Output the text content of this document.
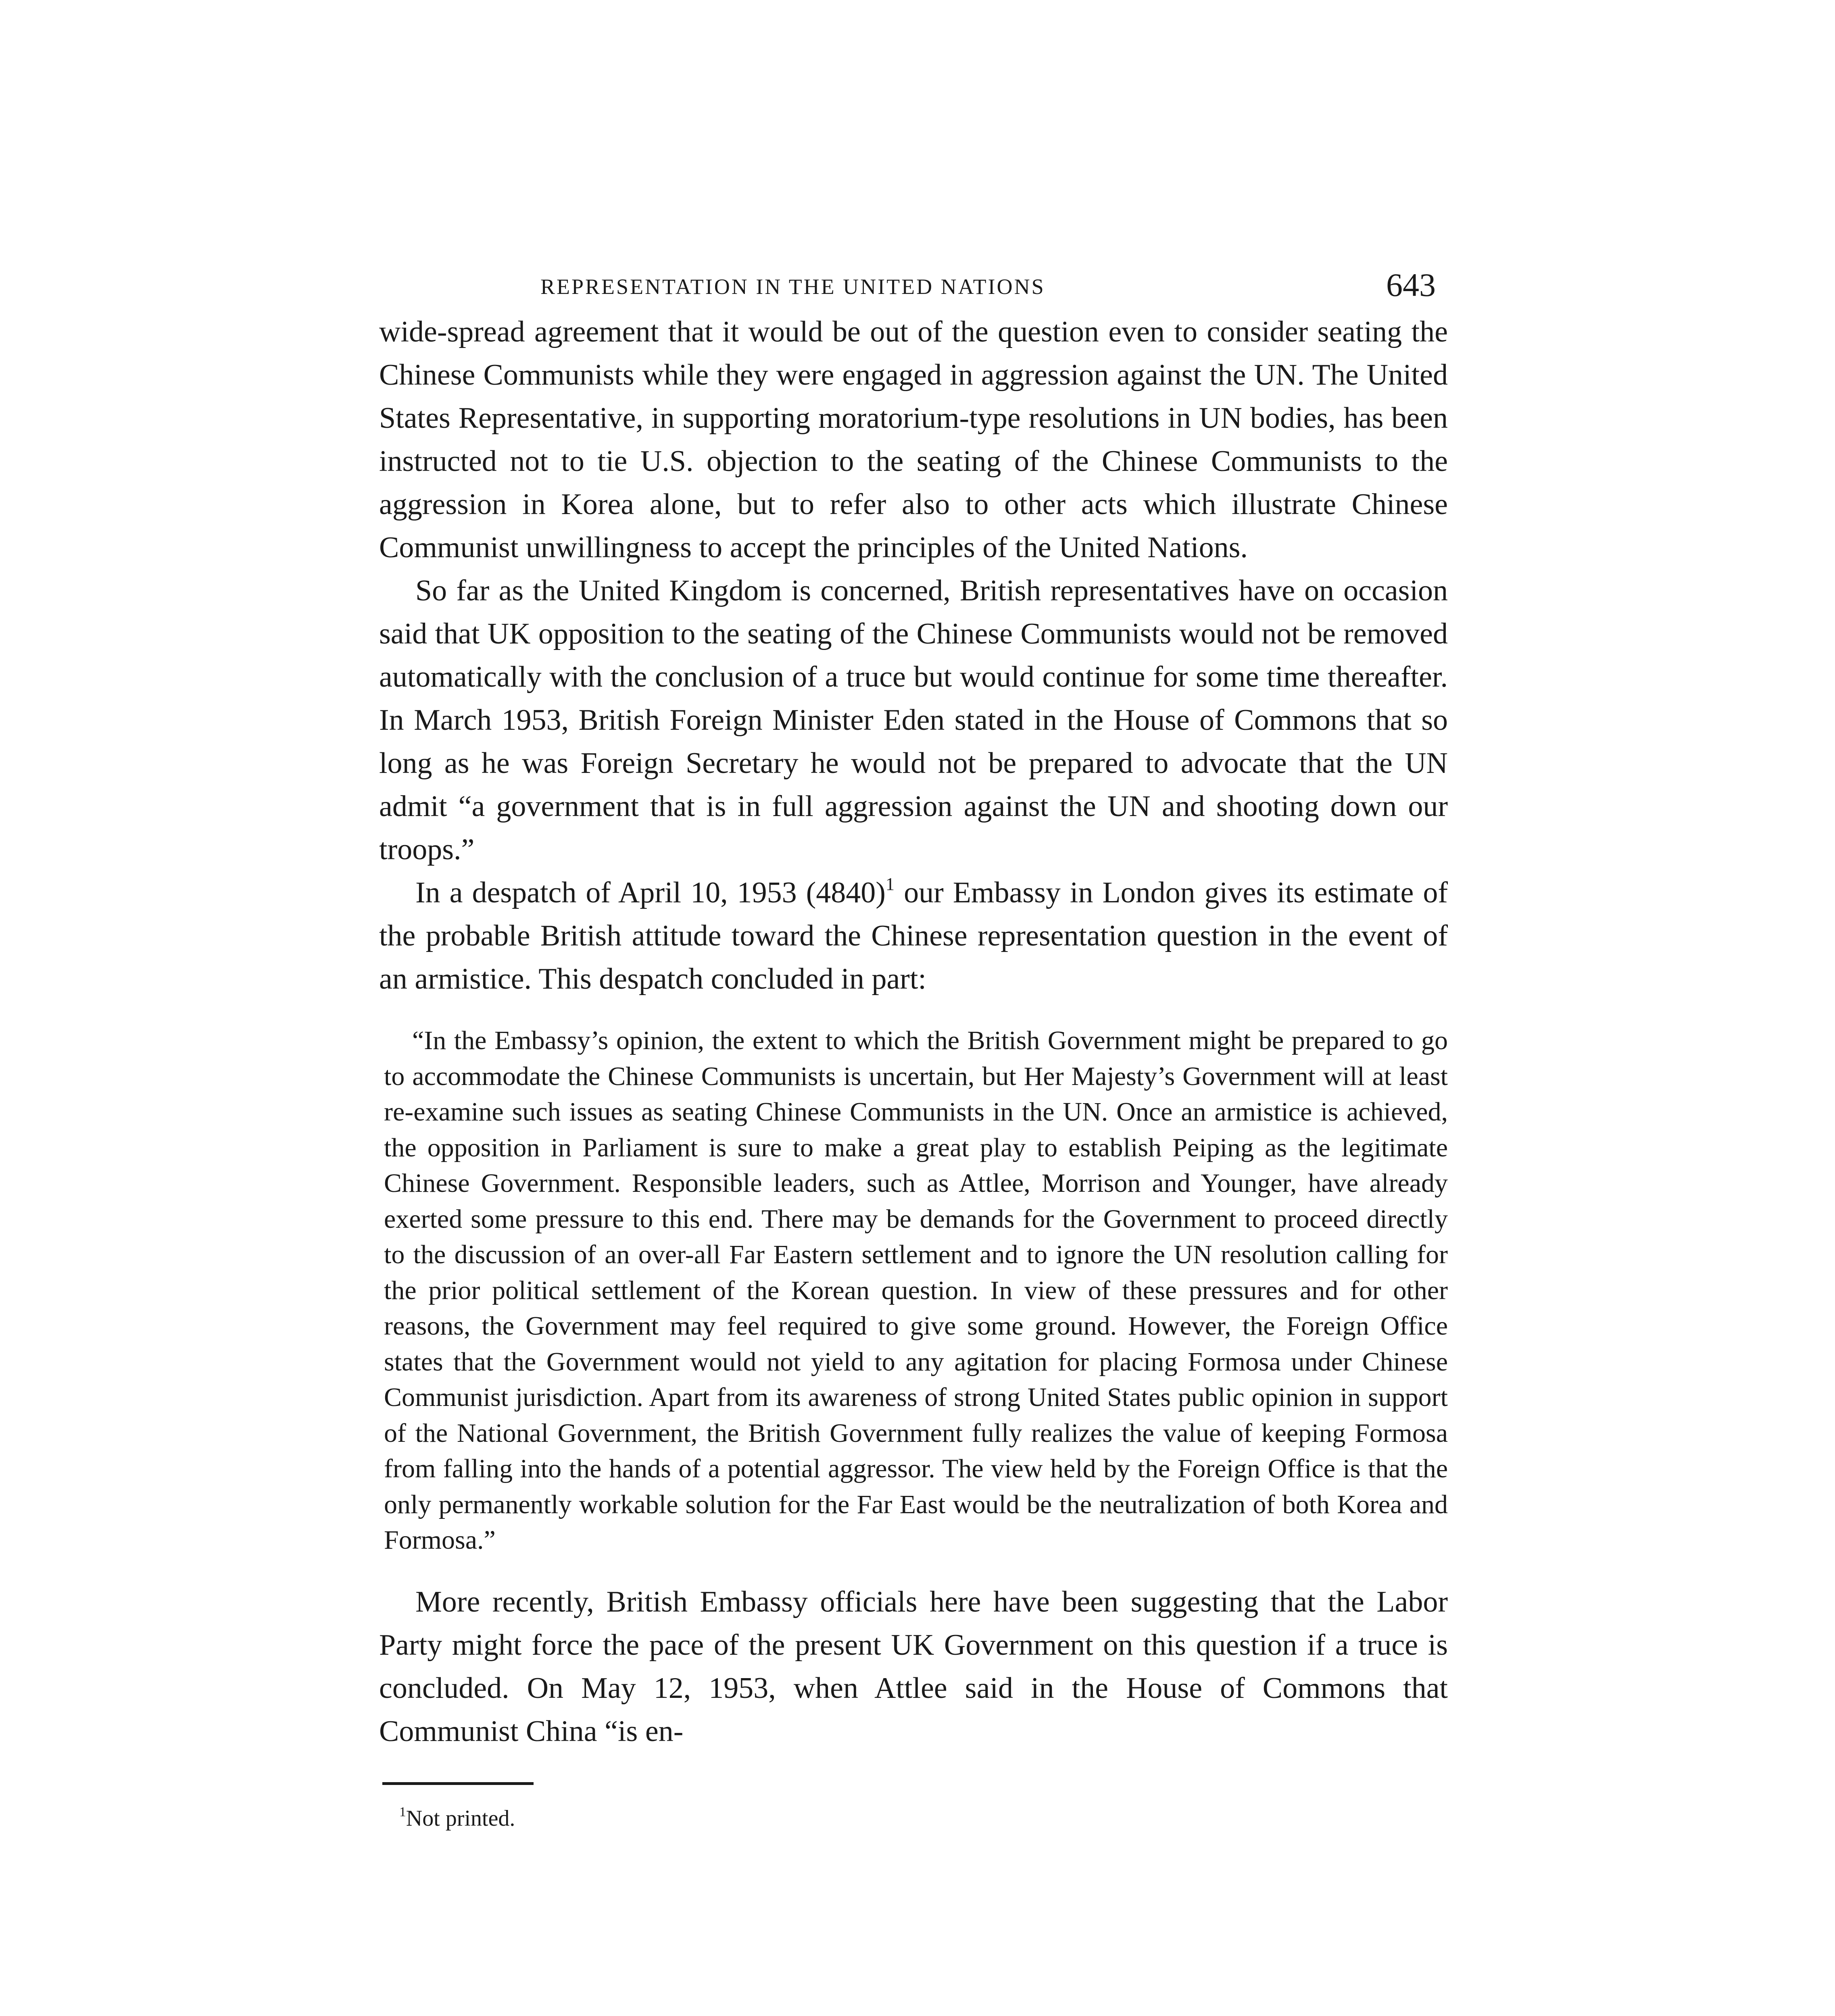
REPRESENTATION IN THE UNITED NATIONS	643

wide-spread agreement that it would be out of the question even to consider seating the Chinese Communists while they were engaged in aggression against the UN. The United States Representative, in supporting moratorium-type resolutions in UN bodies, has been instructed not to tie U.S. objection to the seating of the Chinese Communists to the aggression in Korea alone, but to refer also to other acts which illustrate Chinese Communist unwillingness to accept the principles of the United Nations.

So far as the United Kingdom is concerned, British representatives have on occasion said that UK opposition to the seating of the Chinese Communists would not be removed automatically with the conclusion of a truce but would continue for some time thereafter. In March 1953, British Foreign Minister Eden stated in the House of Commons that so long as he was Foreign Secretary he would not be prepared to advocate that the UN admit “a government that is in full aggression against the UN and shooting down our troops.”

In a despatch of April 10, 1953 $(4840)^1$ our Embassy in London gives its estimate of the probable British attitude toward the Chinese representation question in the event of an armistice. This despatch concluded in part:

“In the Embassy’s opinion, the extent to which the British Government might be prepared to go to accommodate the Chinese Communists is uncertain, but Her Majesty’s Government will at least re-examine such issues as seating Chinese Communists in the UN. Once an armistice is achieved, the opposition in Parliament is sure to make a great play to establish Peiping as the legitimate Chinese Government. Responsible leaders, such as Attlee, Morrison and Younger, have already exerted some pressure to this end. There may be demands for the Government to proceed directly to the discussion of an over-all Far Eastern settlement and to ignore the UN resolution calling for the prior political settlement of the Korean question. In view of these pressures and for other reasons, the Government may feel required to give some ground. However, the Foreign Office states that the Government would not yield to any agitation for placing Formosa under Chinese Communist jurisdiction. Apart from its awareness of strong United States public opinion in support of the National Government, the British Government fully realizes the value of keeping Formosa from falling into the hands of a potential aggressor. The view held by the Foreign Office is that the only permanently workable solution for the Far East would be the neutralization of both Korea and Formosa.”

More recently, British Embassy officials here have been suggesting that the Labor Party might force the pace of the present UK Government on this question if a truce is concluded. On May 12, 1953, when Attlee said in the House of Commons that Communist China “is en-

$^1$Not printed.
